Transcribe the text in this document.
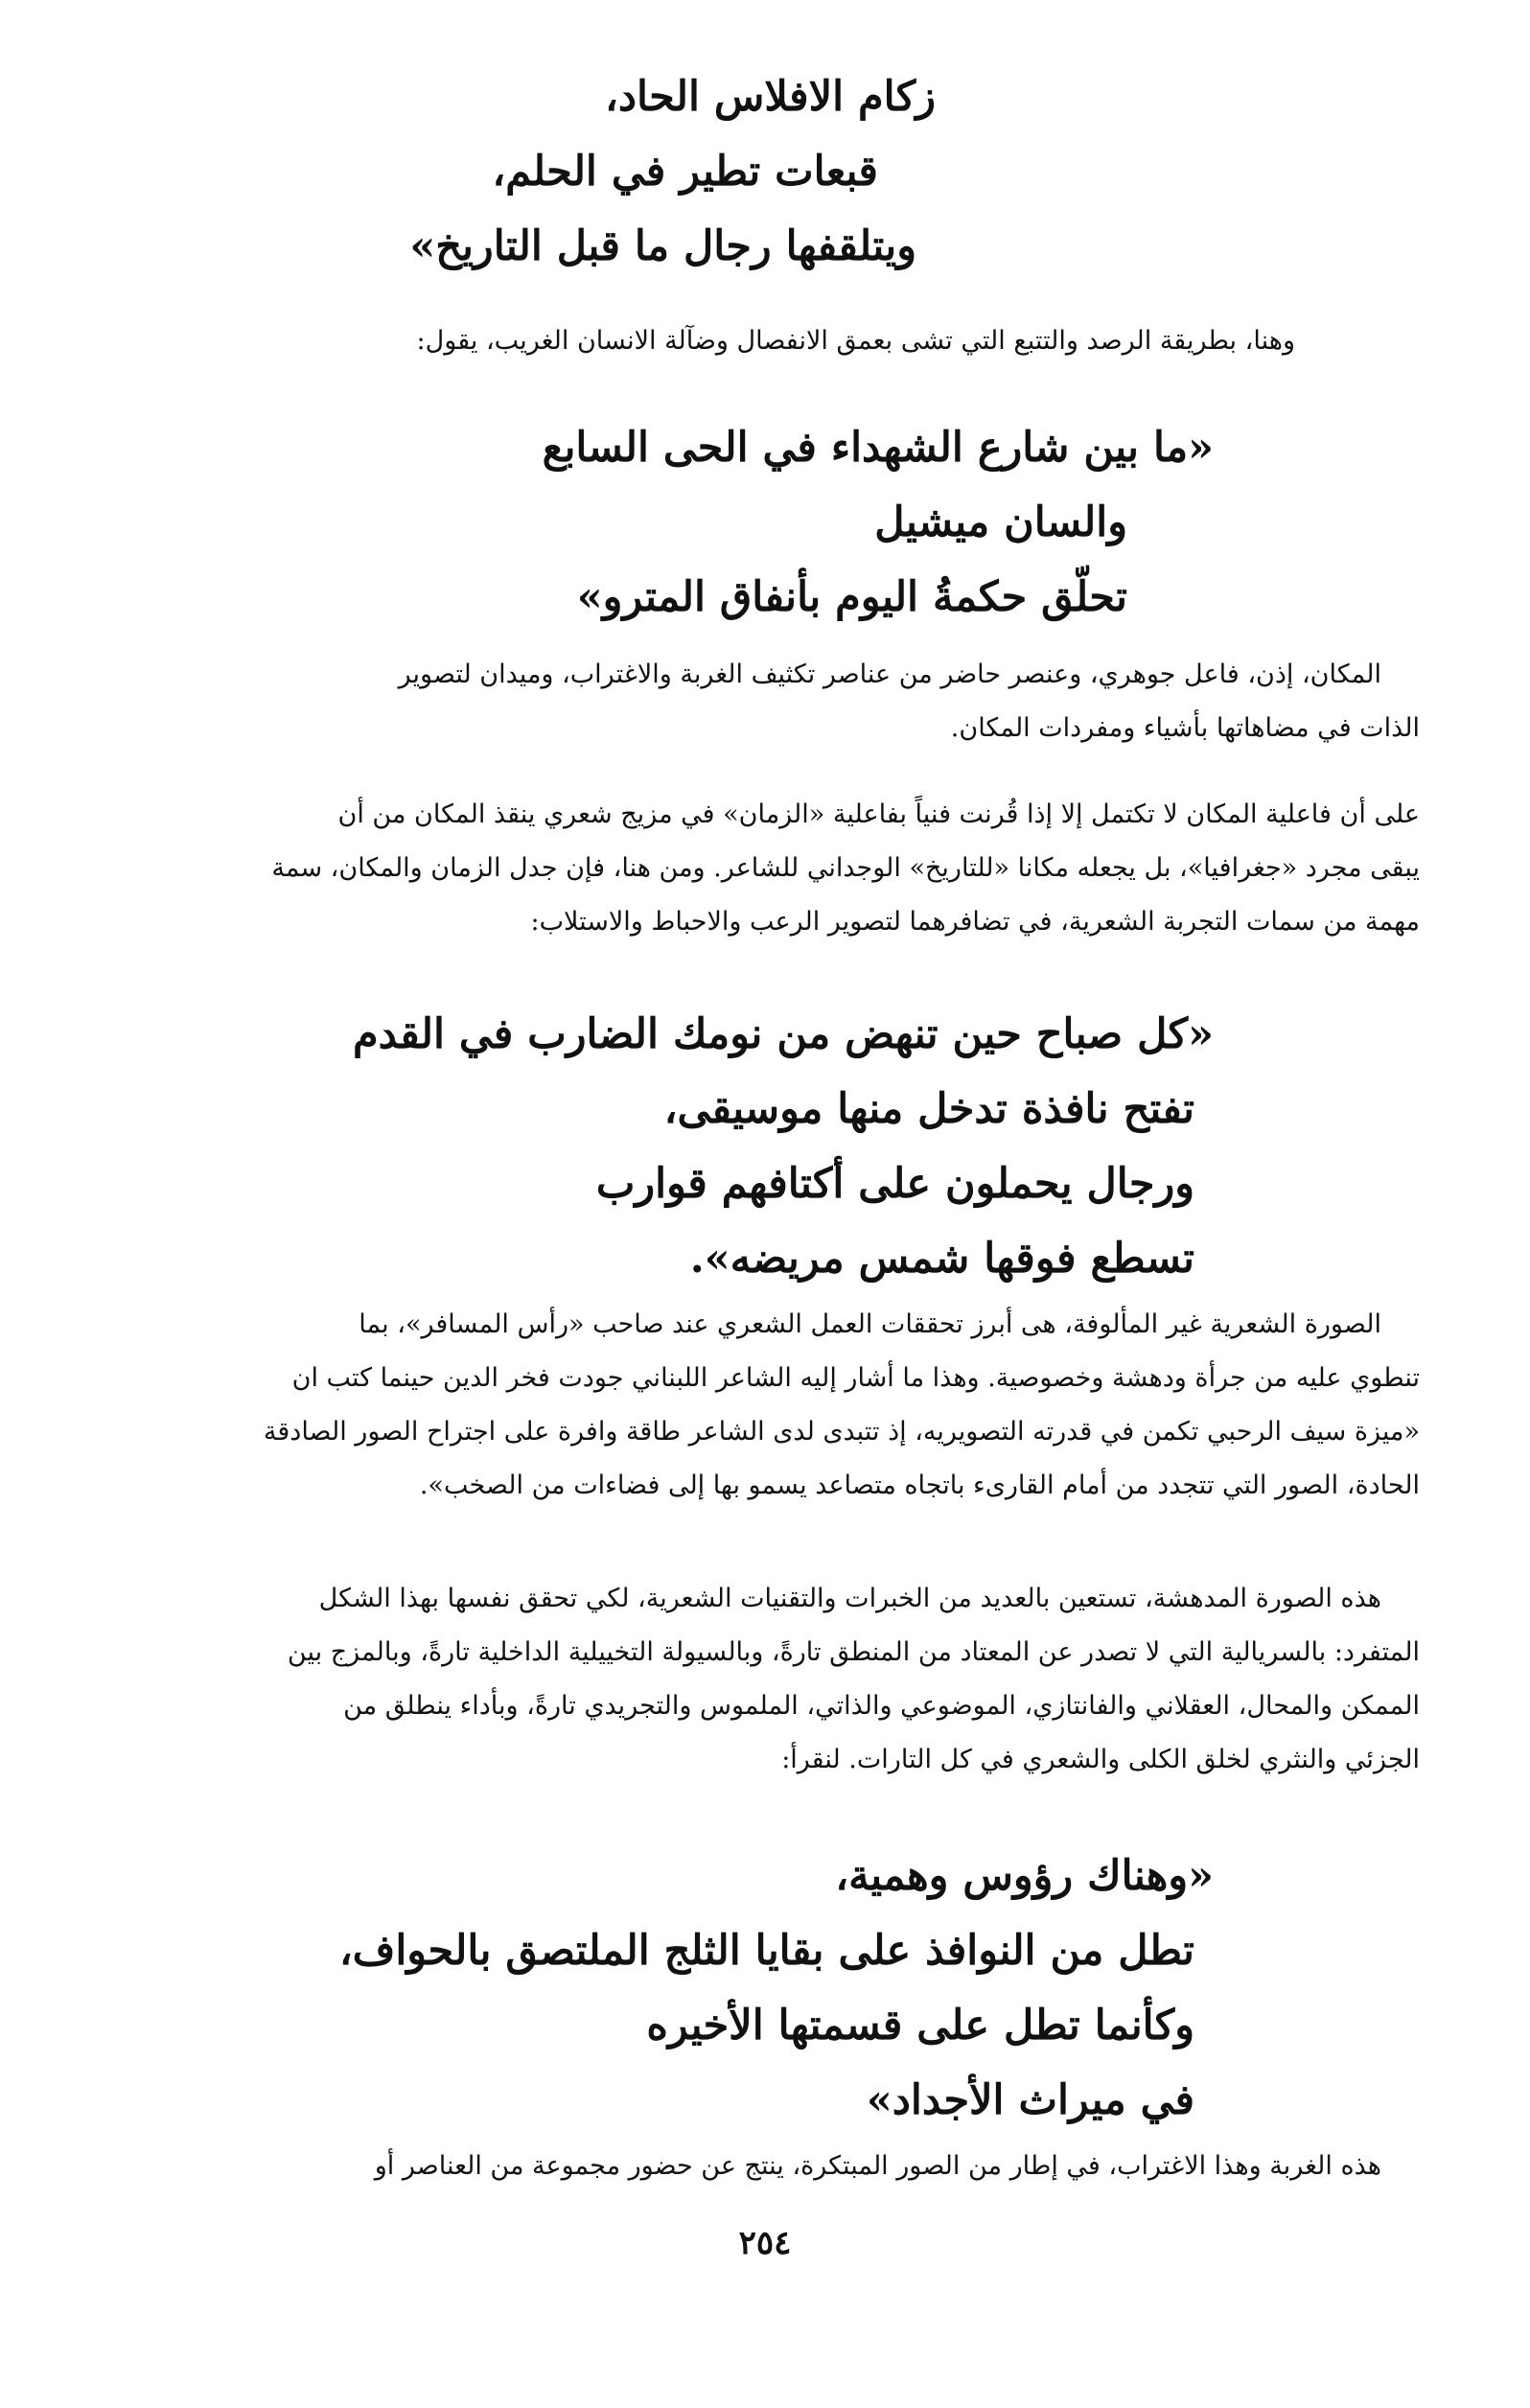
زكام الافلاس الحاد،
قبعات تطير في الحلم،
ويتلقفها رجال ما قبل التاريخ»
وهنا، بطريقة الرصد والتتبع التي تشى بعمق الانفصال وضآلة الانسان الغريب، يقول:
«ما بين شارع الشهداء في الحى السابع
والسان ميشيل
تحلّق حكمةُ اليوم بأنفاق المترو»
المكان، إذن، فاعل جوهري، وعنصر حاضر من عناصر تكثيف الغربة والاغتراب، وميدان لتصوير
الذات في مضاهاتها بأشياء ومفردات المكان.
على أن فاعلية المكان لا تكتمل إلا إذا قُرنت فنياً بفاعلية «الزمان» في مزيج شعري ينقذ المكان من أن
يبقى مجرد «جغرافيا»، بل يجعله مكانا «للتاريخ» الوجداني للشاعر. ومن هنا، فإن جدل الزمان والمكان، سمة
مهمة من سمات التجربة الشعرية، في تضافرهما لتصوير الرعب والاحباط والاستلاب:
«كل صباح حين تنهض من نومك الضارب في القدم
تفتح نافذة تدخل منها موسيقى،
ورجال يحملون على أكتافهم قوارب
تسطع فوقها شمس مريضه».
الصورة الشعرية غير المألوفة، هى أبرز تحققات العمل الشعري عند صاحب «رأس المسافر»، بما
تنطوي عليه من جرأة ودهشة وخصوصية. وهذا ما أشار إليه الشاعر اللبناني جودت فخر الدين حينما كتب ان
«ميزة سيف الرحبي تكمن في قدرته التصويريه، إذ تتبدى لدى الشاعر طاقة وافرة على اجتراح الصور الصادقة
الحادة، الصور التي تتجدد من أمام القارىء باتجاه متصاعد يسمو بها إلى فضاءات من الصخب».
هذه الصورة المدهشة، تستعين بالعديد من الخبرات والتقنيات الشعرية، لكي تحقق نفسها بهذا الشكل
المتفرد: بالسريالية التي لا تصدر عن المعتاد من المنطق تارةً، وبالسيولة التخييلية الداخلية تارةً، وبالمزج بين
الممكن والمحال، العقلاني والفانتازي، الموضوعي والذاتي، الملموس والتجريدي تارةً، وبأداء ينطلق من
الجزئي والنثري لخلق الكلى والشعري في كل التارات. لنقرأ:
«وهناك رؤوس وهمية،
تطل من النوافذ على بقايا الثلج الملتصق بالحواف،
وكأنما تطل على قسمتها الأخيره
في ميراث الأجداد»
هذه الغربة وهذا الاغتراب، في إطار من الصور المبتكرة، ينتج عن حضور مجموعة من العناصر أو
٢٥٤
